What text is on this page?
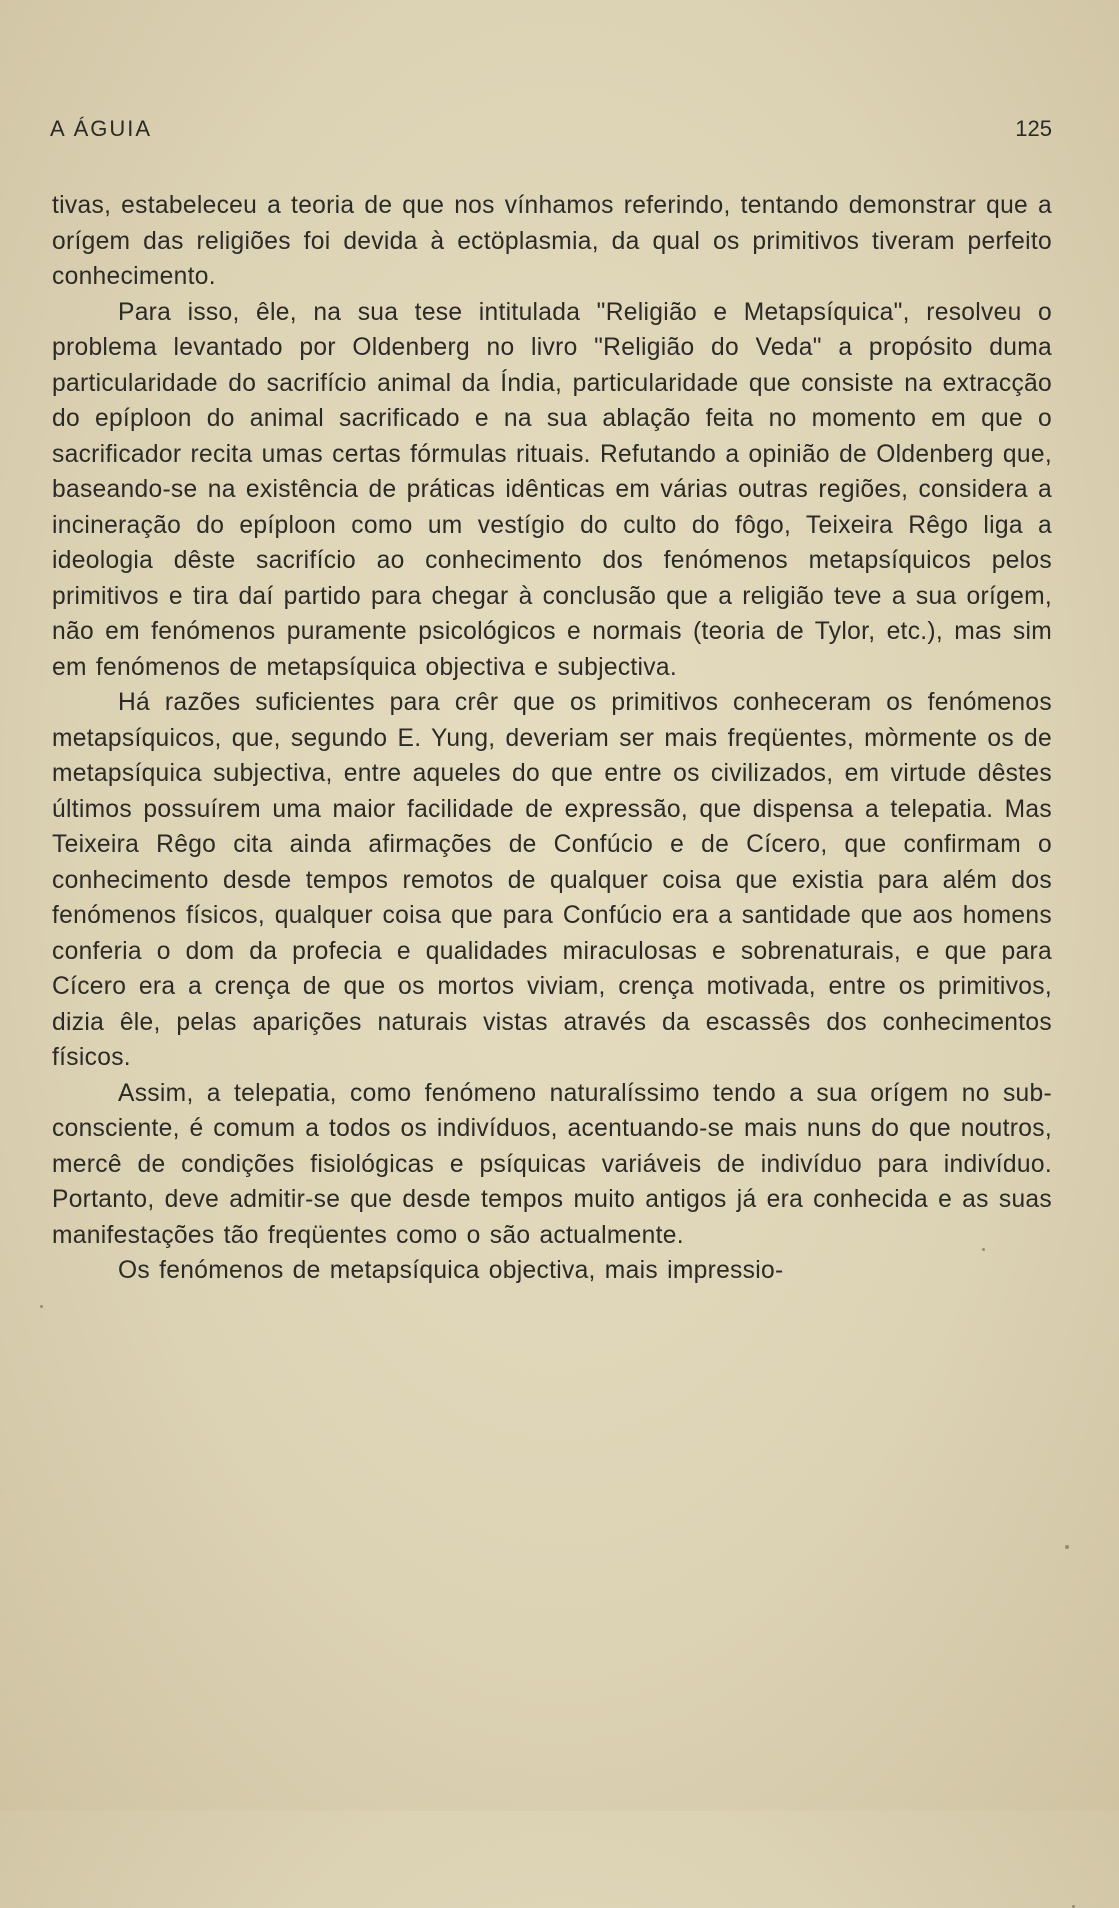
A ÁGUIA	125

tivas, estabeleceu a teoria de que nos vínhamos referindo, tentando demonstrar que a orígem das religiões foi devida à ectöplasmia, da qual os primitivos tiveram perfeito conhecimento.

Para isso, êle, na sua tese intitulada "Religião e Metapsíquica", resolveu o problema levantado por Oldenberg no livro "Religião do Veda" a propósito duma particularidade do sacrifício animal da Índia, particularidade que consiste na extracção do epíploon do animal sacrificado e na sua ablação feita no momento em que o sacrificador recita umas certas fórmulas rituais. Refutando a opinião de Oldenberg que, baseando-se na existência de práticas idênticas em várias outras regiões, considera a incineração do epíploon como um vestígio do culto do fôgo, Teixeira Rêgo liga a ideologia dêste sacrifício ao conhecimento dos fenómenos metapsíquicos pelos primitivos e tira daí partido para chegar à conclusão que a religião teve a sua orígem, não em fenómenos puramente psicológicos e normais (teoria de Tylor, etc.), mas sim em fenómenos de metapsíquica objectiva e subjectiva.

Há razões suficientes para crêr que os primitivos conheceram os fenómenos metapsíquicos, que, segundo E. Yung, deveriam ser mais freqüentes, mòrmente os de metapsíquica subjectiva, entre aqueles do que entre os civilizados, em virtude dêstes últimos possuírem uma maior facilidade de expressão, que dispensa a telepatia. Mas Teixeira Rêgo cita ainda afirmações de Confúcio e de Cícero, que confirmam o conhecimento desde tempos remotos de qualquer coisa que existia para além dos fenómenos físicos, qualquer coisa que para Confúcio era a santidade que aos homens conferia o dom da profecia e qualidades miraculosas e sobrenaturais, e que para Cícero era a crença de que os mortos viviam, crença motivada, entre os primitivos, dizia êle, pelas aparições naturais vistas através da escassês dos conhecimentos físicos.

Assim, a telepatia, como fenómeno naturalíssimo tendo a sua orígem no sub-consciente, é comum a todos os indivíduos, acentuando-se mais nuns do que noutros, mercê de condições fisiológicas e psíquicas variáveis de indivíduo para indivíduo. Portanto, deve admitir-se que desde tempos muito antigos já era conhecida e as suas manifestações tão freqüentes como o são actualmente.

Os fenómenos de metapsíquica objectiva, mais impressio-
